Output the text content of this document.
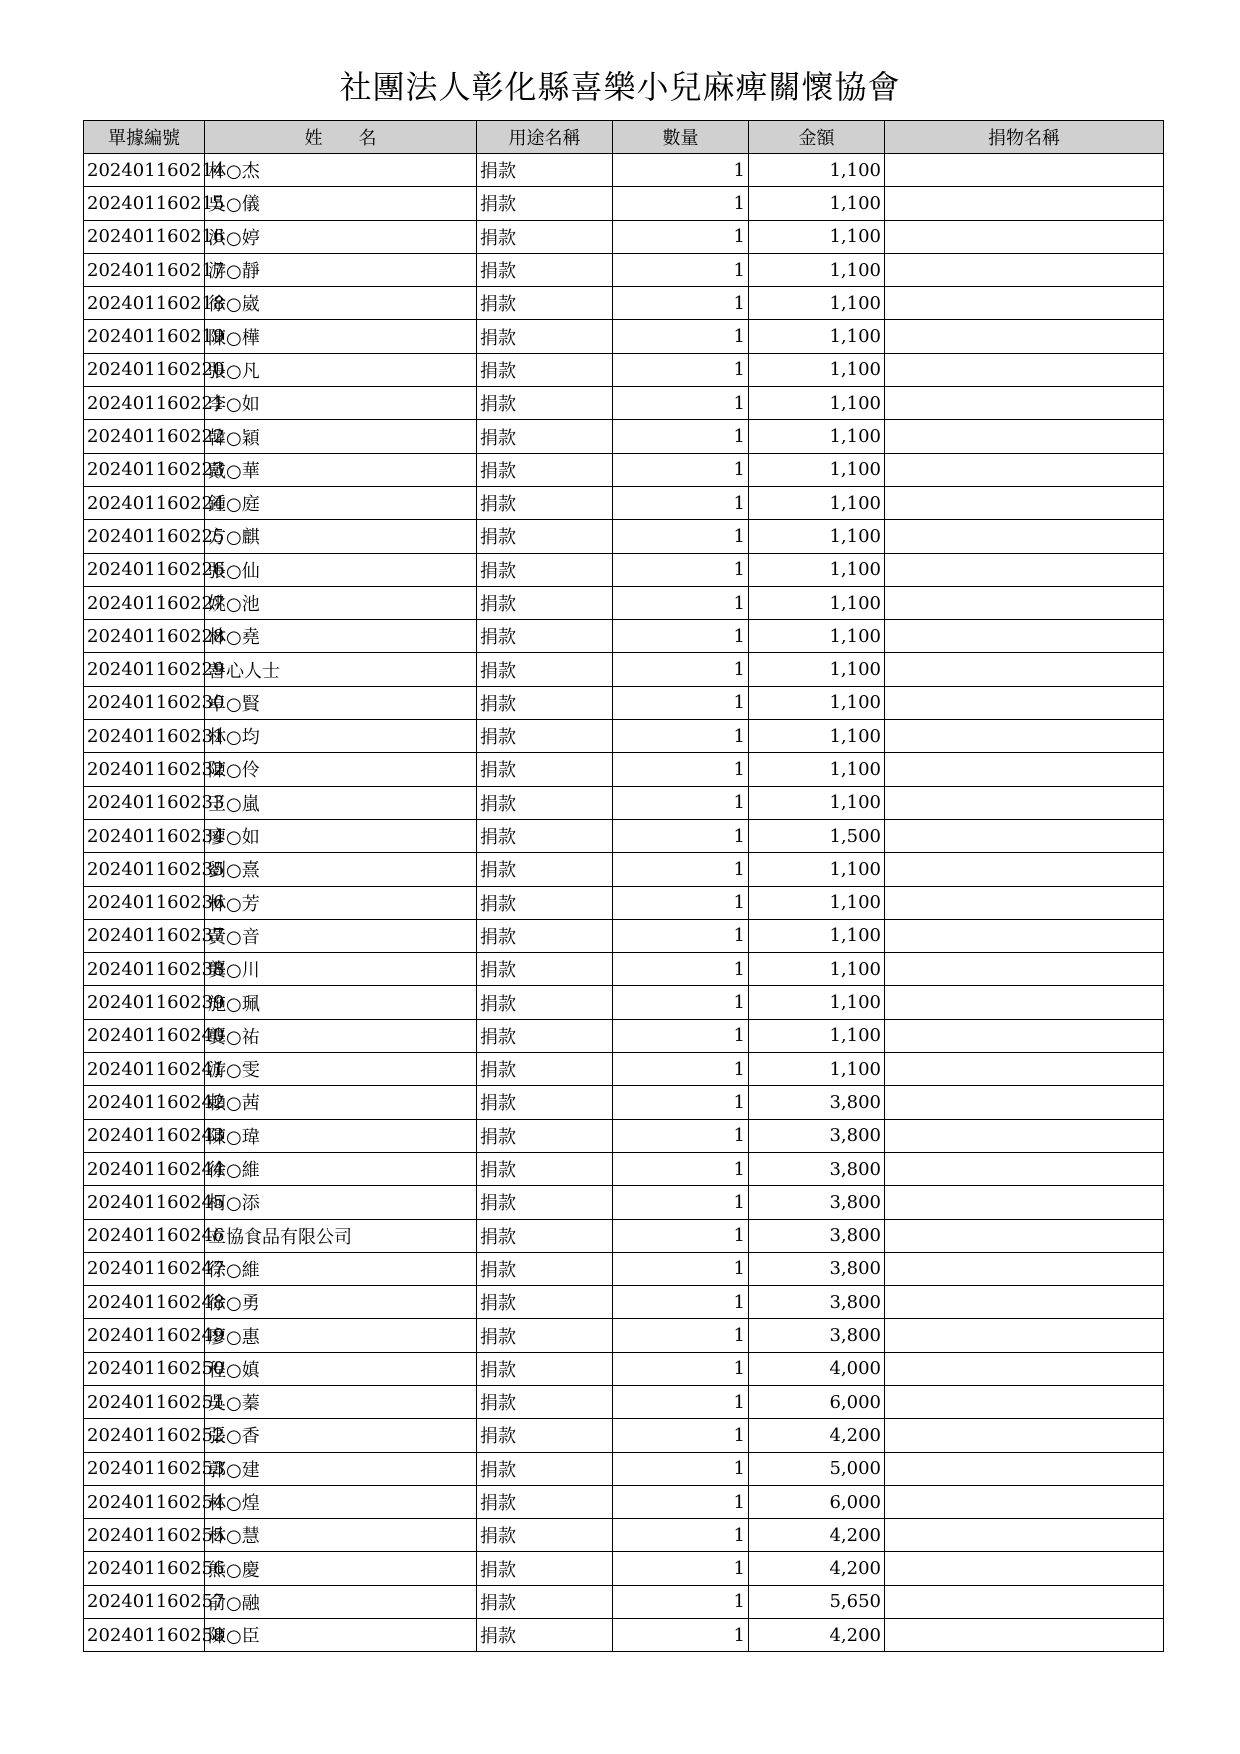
社團法人彰化縣喜樂小兒麻痺關懷協會
單據編號	姓　　名	用途名稱	數量	金額	捐物名稱
202401160214	林○杰	捐款	1	1,100	
202401160215	吳○儀	捐款	1	1,100	
202401160216	洪○婷	捐款	1	1,100	
202401160217	游○靜	捐款	1	1,100	
202401160218	徐○崴	捐款	1	1,100	
202401160219	陳○樺	捐款	1	1,100	
202401160220	張○凡	捐款	1	1,100	
202401160221	李○如	捐款	1	1,100	
202401160222	韓○穎	捐款	1	1,100	
202401160223	戴○華	捐款	1	1,100	
202401160224	鍾○庭	捐款	1	1,100	
202401160225	方○麒	捐款	1	1,100	
202401160226	張○仙	捐款	1	1,100	
202401160227	姚○池	捐款	1	1,100	
202401160228	林○堯	捐款	1	1,100	
202401160229	善心人士	捐款	1	1,100	
202401160230	卓○賢	捐款	1	1,100	
202401160231	林○均	捐款	1	1,100	
202401160232	陳○伶	捐款	1	1,100	
202401160233	王○嵐	捐款	1	1,100	
202401160234	廖○如	捐款	1	1,500	
202401160235	劉○熹	捐款	1	1,100	
202401160236	林○芳	捐款	1	1,100	
202401160237	黃○音	捐款	1	1,100	
202401160238	龔○川	捐款	1	1,100	
202401160239	施○珮	捐款	1	1,100	
202401160240	龔○祐	捐款	1	1,100	
202401160241	游○雯	捐款	1	1,100	
202401160242	賴○茜	捐款	1	3,800	
202401160243	陳○瑋	捐款	1	3,800	
202401160244	徐○維	捐款	1	3,800	
202401160245	柯○添	捐款	1	3,800	
202401160246	立協食品有限公司	捐款	1	3,800	
202401160247	徐○維	捐款	1	3,800	
202401160248	徐○勇	捐款	1	3,800	
202401160249	廖○惠	捐款	1	3,800	
202401160250	程○嫃	捐款	1	4,000	
202401160251	吳○蓁	捐款	1	6,000	
202401160252	張○香	捐款	1	4,200	
202401160253	郭○建	捐款	1	5,000	
202401160254	林○煌	捐款	1	6,000	
202401160255	林○慧	捐款	1	4,200	
202401160256	熊○慶	捐款	1	4,200	
202401160257	俞○融	捐款	1	5,650	
202401160258	陳○臣	捐款	1	4,200	
